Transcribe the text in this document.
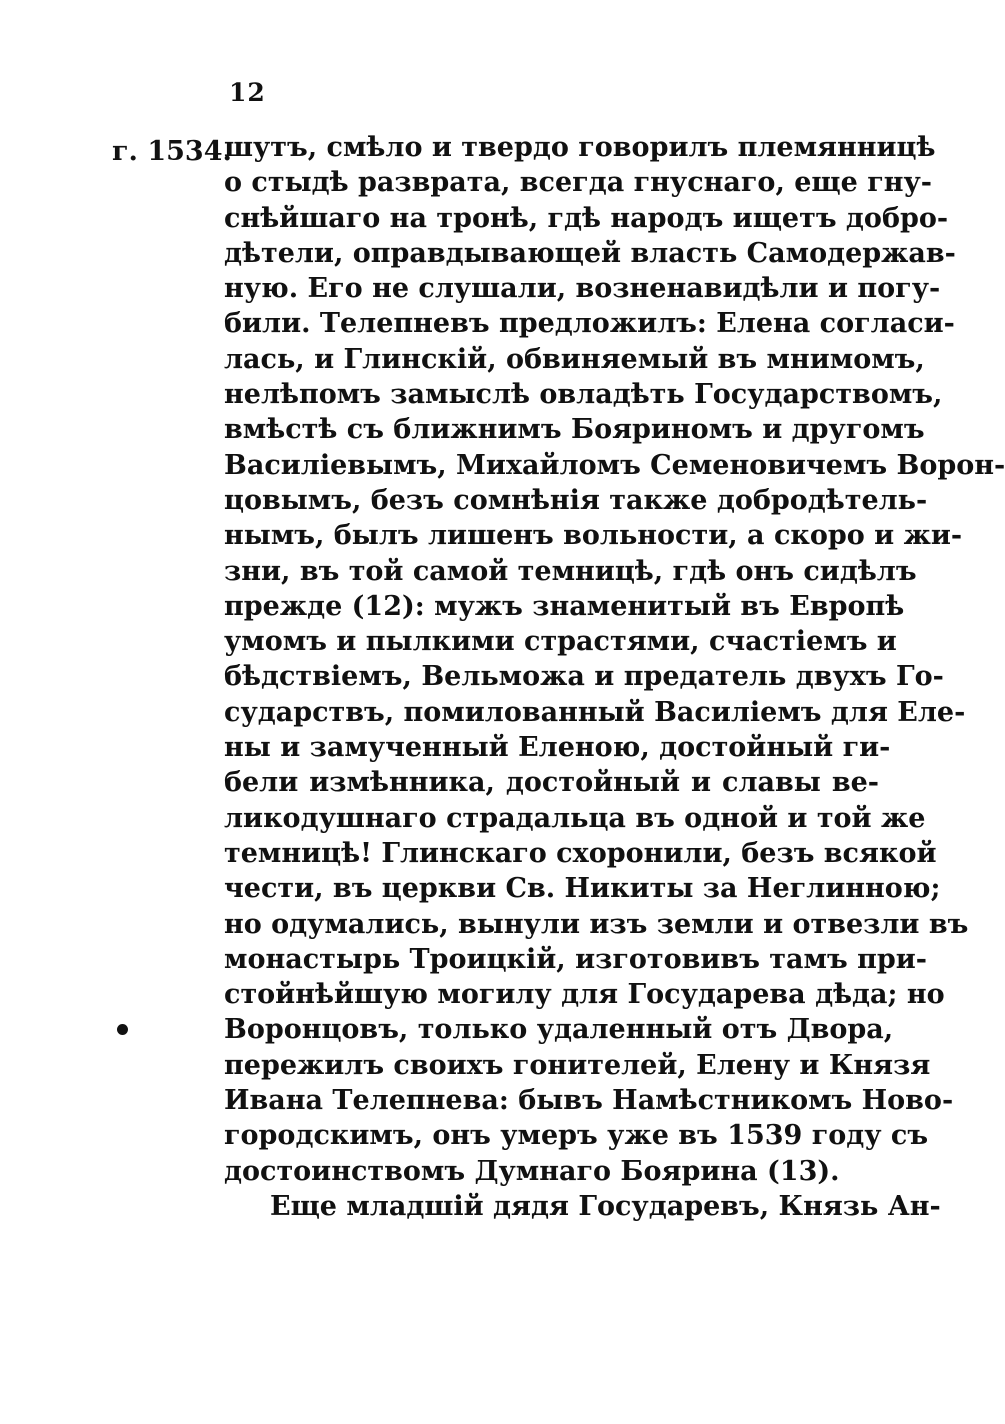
12
г. 1534.
шутъ, смѣло и твердо говорилъ племянницѣ
о стыдѣ разврата, всегда гнуснаго, еще гну-
снѣйшаго на тронѣ, гдѣ народъ ищетъ добро-
дѣтели, оправдывающей власть Самодержав-
ную. Его не слушали, возненавидѣли и погу-
били. Телепневъ предложилъ: Елена согласи-
лась, и Глинскій, обвиняемый въ мнимомъ,
нелѣпомъ замыслѣ овладѣть Государствомъ,
вмѣстѣ съ ближнимъ Бояриномъ и другомъ
Василіевымъ, Михайломъ Семеновичемъ Ворон-
цовымъ, безъ сомнѣнія также добродѣтель-
нымъ, былъ лишенъ вольности, а скоро и жи-
зни, въ той самой темницѣ, гдѣ онъ сидѣлъ
прежде (12): мужъ знаменитый въ Европѣ
умомъ и пылкими страстями, счастіемъ и
бѣдствіемъ, Вельможа и предатель двухъ Го-
сударствъ, помилованный Василіемъ для Еле-
ны и замученный Еленою, достойный ги-
бели измѣнника, достойный и славы ве-
ликодушнаго страдальца въ одной и той же
темницѣ! Глинскаго схоронили, безъ всякой
чести, въ церкви Св. Никиты за Неглинною;
но одумались, вынули изъ земли и отвезли въ
монастырь Троицкій, изготовивъ тамъ при-
стойнѣйшую могилу для Государева дѣда; но
Воронцовъ, только удаленный отъ Двора,
пережилъ своихъ гонителей, Елену и Князя
Ивана Телепнева: бывъ Намѣстникомъ Ново-
городскимъ, онъ умеръ уже въ 1539 году съ
достоинствомъ Думнаго Боярина (13).
Еще младшій дядя Государевъ, Князь Ан-
